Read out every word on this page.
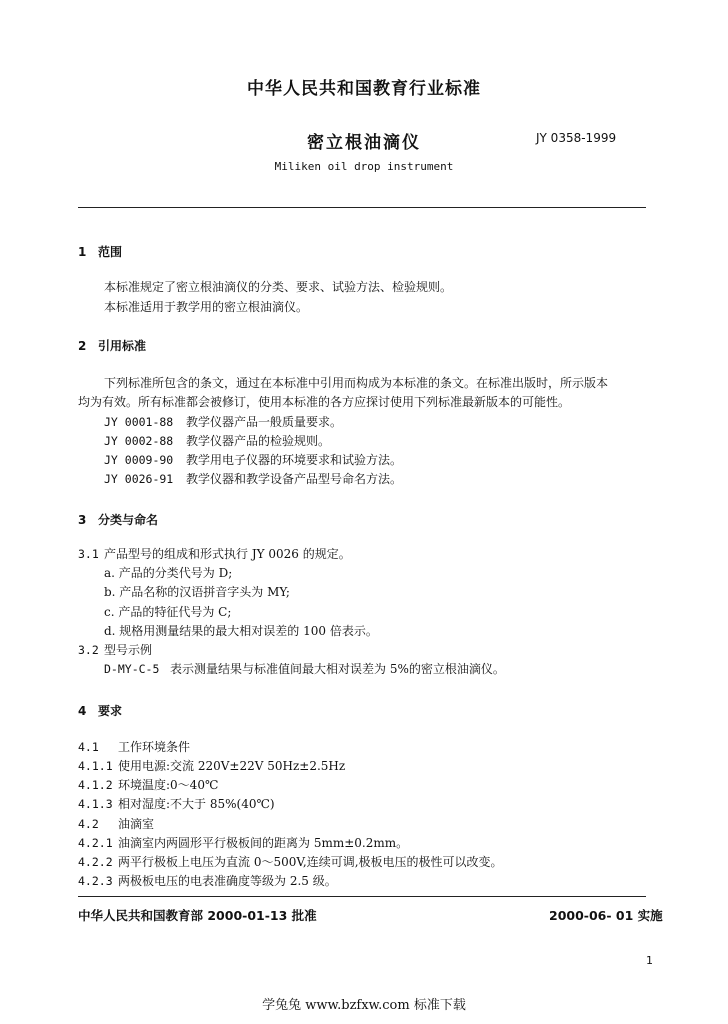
中华人民共和国教育行业标准
密立根油滴仪	JY 0358-1999
Miliken oil drop instrument
1 范围
本标准规定了密立根油滴仪的分类、要求、试验方法、检验规则。
本标准适用于教学用的密立根油滴仪。
2 引用标准
下列标准所包含的条文，通过在本标准中引用而构成为本标准的条文。在标准出版时，所示版本
均为有效。所有标准都会被修订，使用本标准的各方应探讨使用下列标准最新版本的可能性。
JY 0001-88 教学仪器产品一般质量要求。
JY 0002-88 教学仪器产品的检验规则。
JY 0009-90 教学用电子仪器的环境要求和试验方法。
JY 0026-91 教学仪器和教学设备产品型号命名方法。
3 分类与命名
3.1 产品型号的组成和形式执行 JY 0026 的规定。
a. 产品的分类代号为 D;
b. 产品名称的汉语拼音字头为 MY;
c. 产品的特征代号为 C;
d. 规格用测量结果的最大相对误差的 100 倍表示。
3.2 型号示例
D-MY-C-5 表示测量结果与标准值间最大相对误差为 5%的密立根油滴仪。
4 要求
4.1 工作环境条件
4.1.1 使用电源:交流 220V±22V 50Hz±2.5Hz
4.1.2 环境温度:0～40℃
4.1.3 相对湿度:不大于 85%(40℃)
4.2 油滴室
4.2.1 油滴室内两圆形平行极板间的距离为 5mm±0.2mm。
4.2.2 两平行极板上电压为直流 0～500V,连续可调,极板电压的极性可以改变。
4.2.3 两极板电压的电表准确度等级为 2.5 级。
中华人民共和国教育部 2000-01-13 批准	2000-06- 01 实施
1
学兔兔 www.bzfxw.com 标准下载
